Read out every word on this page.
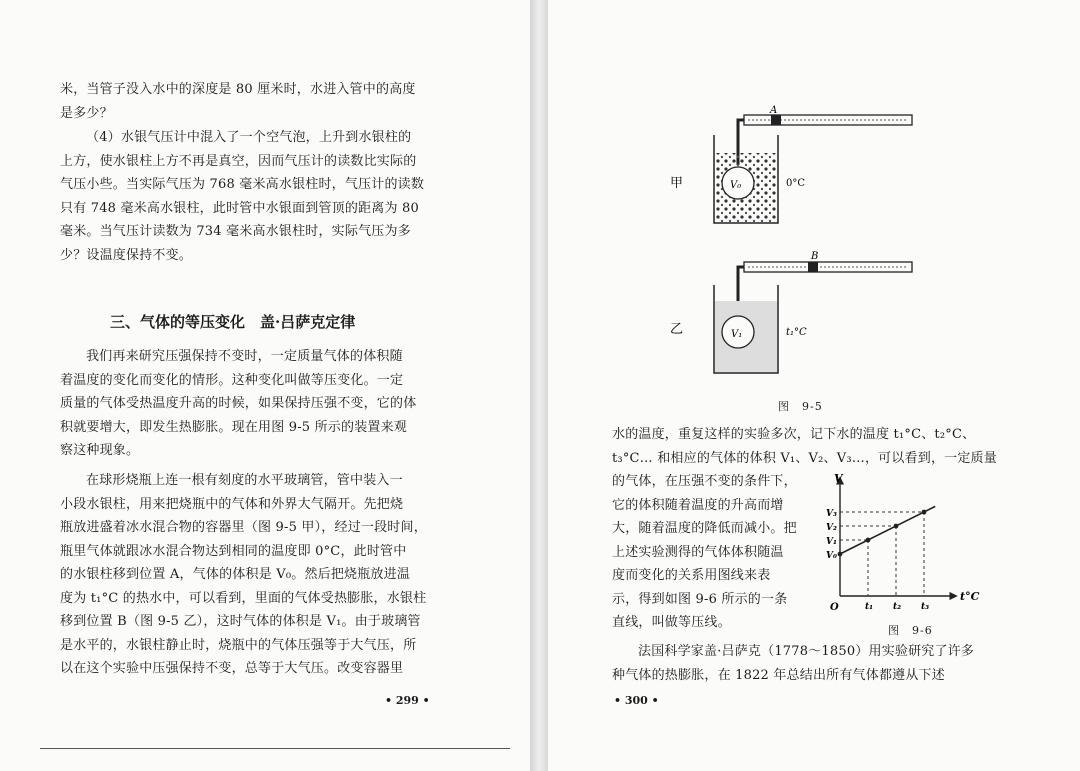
米，当管子没入水中的深度是 80 厘米时，水进入管中的高度
是多少？
（4）水银气压计中混入了一个空气泡，上升到水银柱的
上方，使水银柱上方不再是真空，因而气压计的读数比实际的
气压小些。当实际气压为 768 毫米高水银柱时，气压计的读数
只有 748 毫米高水银柱，此时管中水银面到管顶的距离为 80
毫米。当气压计读数为 734 毫米高水银柱时，实际气压为多
少？设温度保持不变。
三、气体的等压变化　盖·吕萨克定律
我们再来研究压强保持不变时，一定质量气体的体积随
着温度的变化而变化的情形。这种变化叫做等压变化。一定
质量的气体受热温度升高的时候，如果保持压强不变，它的体
积就要增大，即发生热膨胀。现在用图 9-5 所示的装置来观
察这种现象。
在球形烧瓶上连一根有刻度的水平玻璃管，管中装入一
小段水银柱，用来把烧瓶中的气体和外界大气隔开。先把烧
瓶放进盛着冰水混合物的容器里（图 9-5 甲），经过一段时间，
瓶里气体就跟冰水混合物达到相同的温度即 0°C，此时管中
的水银柱移到位置 A，气体的体积是 V₀。然后把烧瓶放进温
度为 t₁°C 的热水中，可以看到，里面的气体受热膨胀，水银柱
移到位置 B（图 9-5 乙），这时气体的体积是 V₁。由于玻璃管
是水平的，水银柱静止时，烧瓶中的气体压强等于大气压，所
以在这个实验中压强保持不变，总等于大气压。改变容器里
• 299 •
V₀
A
0°C
甲
V₁
B
t₁°C
乙
图　9-5
水的温度，重复这样的实验多次，记下水的温度 t₁°C、t₂°C、
t₃°C… 和相应的气体的体积 V₁、V₂、V₃…，可以看到，一定质量
的气体，在压强不变的条件下，
它的体积随着温度的升高而增
大，随着温度的降低而减小。把
上述实验测得的气体体积随温
度而变化的关系用图线来表
示，得到如图 9-6 所示的一条
直线，叫做等压线。
V
t°C
O	t₁ t₂ t₃
V₀
V₁
V₂
V₃
图　9-6
法国科学家盖·吕萨克（1778～1850）用实验研究了许多
种气体的热膨胀，在 1822 年总结出所有气体都遵从下述
• 300 •
